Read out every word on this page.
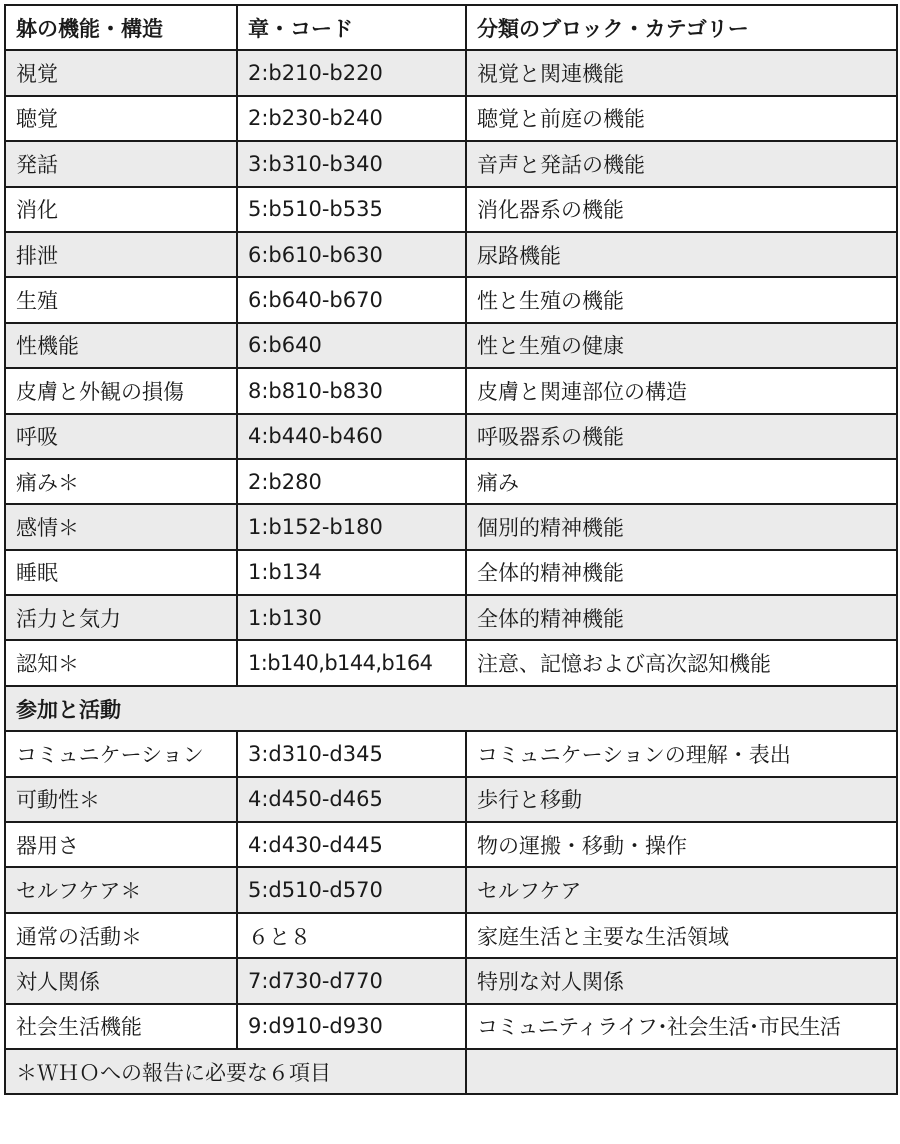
躰の機能・構造	章・コード	分類のブロック・カテゴリー
視覚	2:b210-b220	視覚と関連機能
聴覚	2:b230-b240	聴覚と前庭の機能
発話	3:b310-b340	音声と発話の機能
消化	5:b510-b535	消化器系の機能
排泄	6:b610-b630	尿路機能
生殖	6:b640-b670	性と生殖の機能
性機能	6:b640	性と生殖の健康
皮膚と外観の損傷	8:b810-b830	皮膚と関連部位の構造
呼吸	4:b440-b460	呼吸器系の機能
痛み＊	2:b280	痛み
感情＊	1:b152-b180	個別的精神機能
睡眠	1:b134	全体的精神機能
活力と気力	1:b130	全体的精神機能
認知＊	1:b140,b144,b164	注意、記憶および高次認知機能
参加と活動		
コミュニケーション	3:d310-d345	コミュニケーションの理解・表出
可動性＊	4:d450-d465	歩行と移動
器用さ	4:d430-d445	物の運搬・移動・操作
セルフケア＊	5:d510-d570	セルフケア
通常の活動＊	６と８	家庭生活と主要な生活領域
対人関係	7:d730-d770	特別な対人関係
社会生活機能	9:d910-d930	コミュニティライフ･社会生活･市民生活
＊ＷＨＯへの報告に必要な６項目		
